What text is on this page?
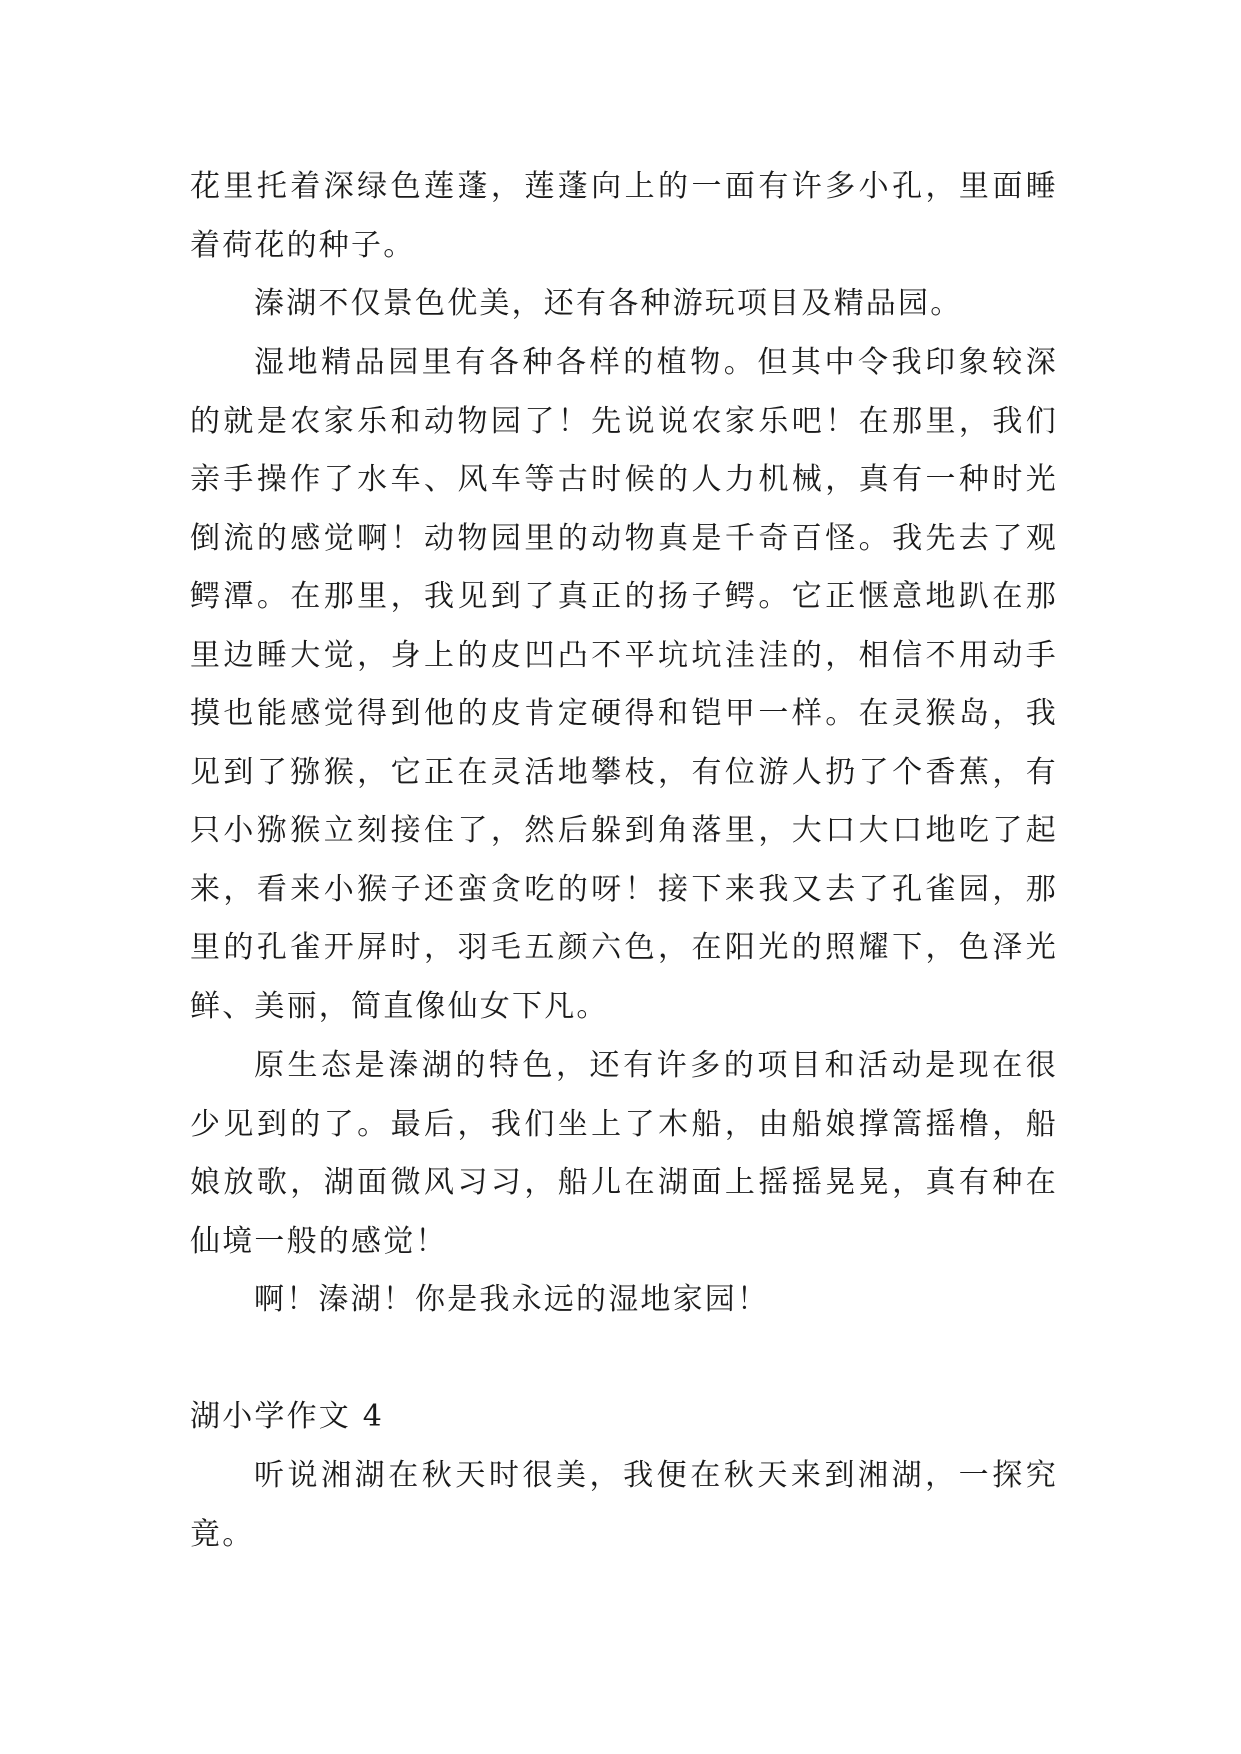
花里托着深绿色莲蓬，莲蓬向上的一面有许多小孔，里面睡着荷花的种子。

溱湖不仅景色优美，还有各种游玩项目及精品园。

湿地精品园里有各种各样的植物。但其中令我印象较深的就是农家乐和动物园了！先说说农家乐吧！在那里，我们亲手操作了水车、风车等古时候的人力机械，真有一种时光倒流的感觉啊！动物园里的动物真是千奇百怪。我先去了观鳄潭。在那里，我见到了真正的扬子鳄。它正惬意地趴在那里边睡大觉，身上的皮凹凸不平坑坑洼洼的，相信不用动手摸也能感觉得到他的皮肯定硬得和铠甲一样。在灵猴岛，我见到了猕猴，它正在灵活地攀枝，有位游人扔了个香蕉，有只小猕猴立刻接住了，然后躲到角落里，大口大口地吃了起来，看来小猴子还蛮贪吃的呀！接下来我又去了孔雀园，那里的孔雀开屏时，羽毛五颜六色，在阳光的照耀下，色泽光鲜、美丽，简直像仙女下凡。

原生态是溱湖的特色，还有许多的项目和活动是现在很少见到的了。最后，我们坐上了木船，由船娘撑篙摇橹，船娘放歌，湖面微风习习，船儿在湖面上摇摇晃晃，真有种在仙境一般的感觉！

啊！溱湖！你是我永远的湿地家园！

湖小学作文 4

听说湘湖在秋天时很美，我便在秋天来到湘湖，一探究竟。
